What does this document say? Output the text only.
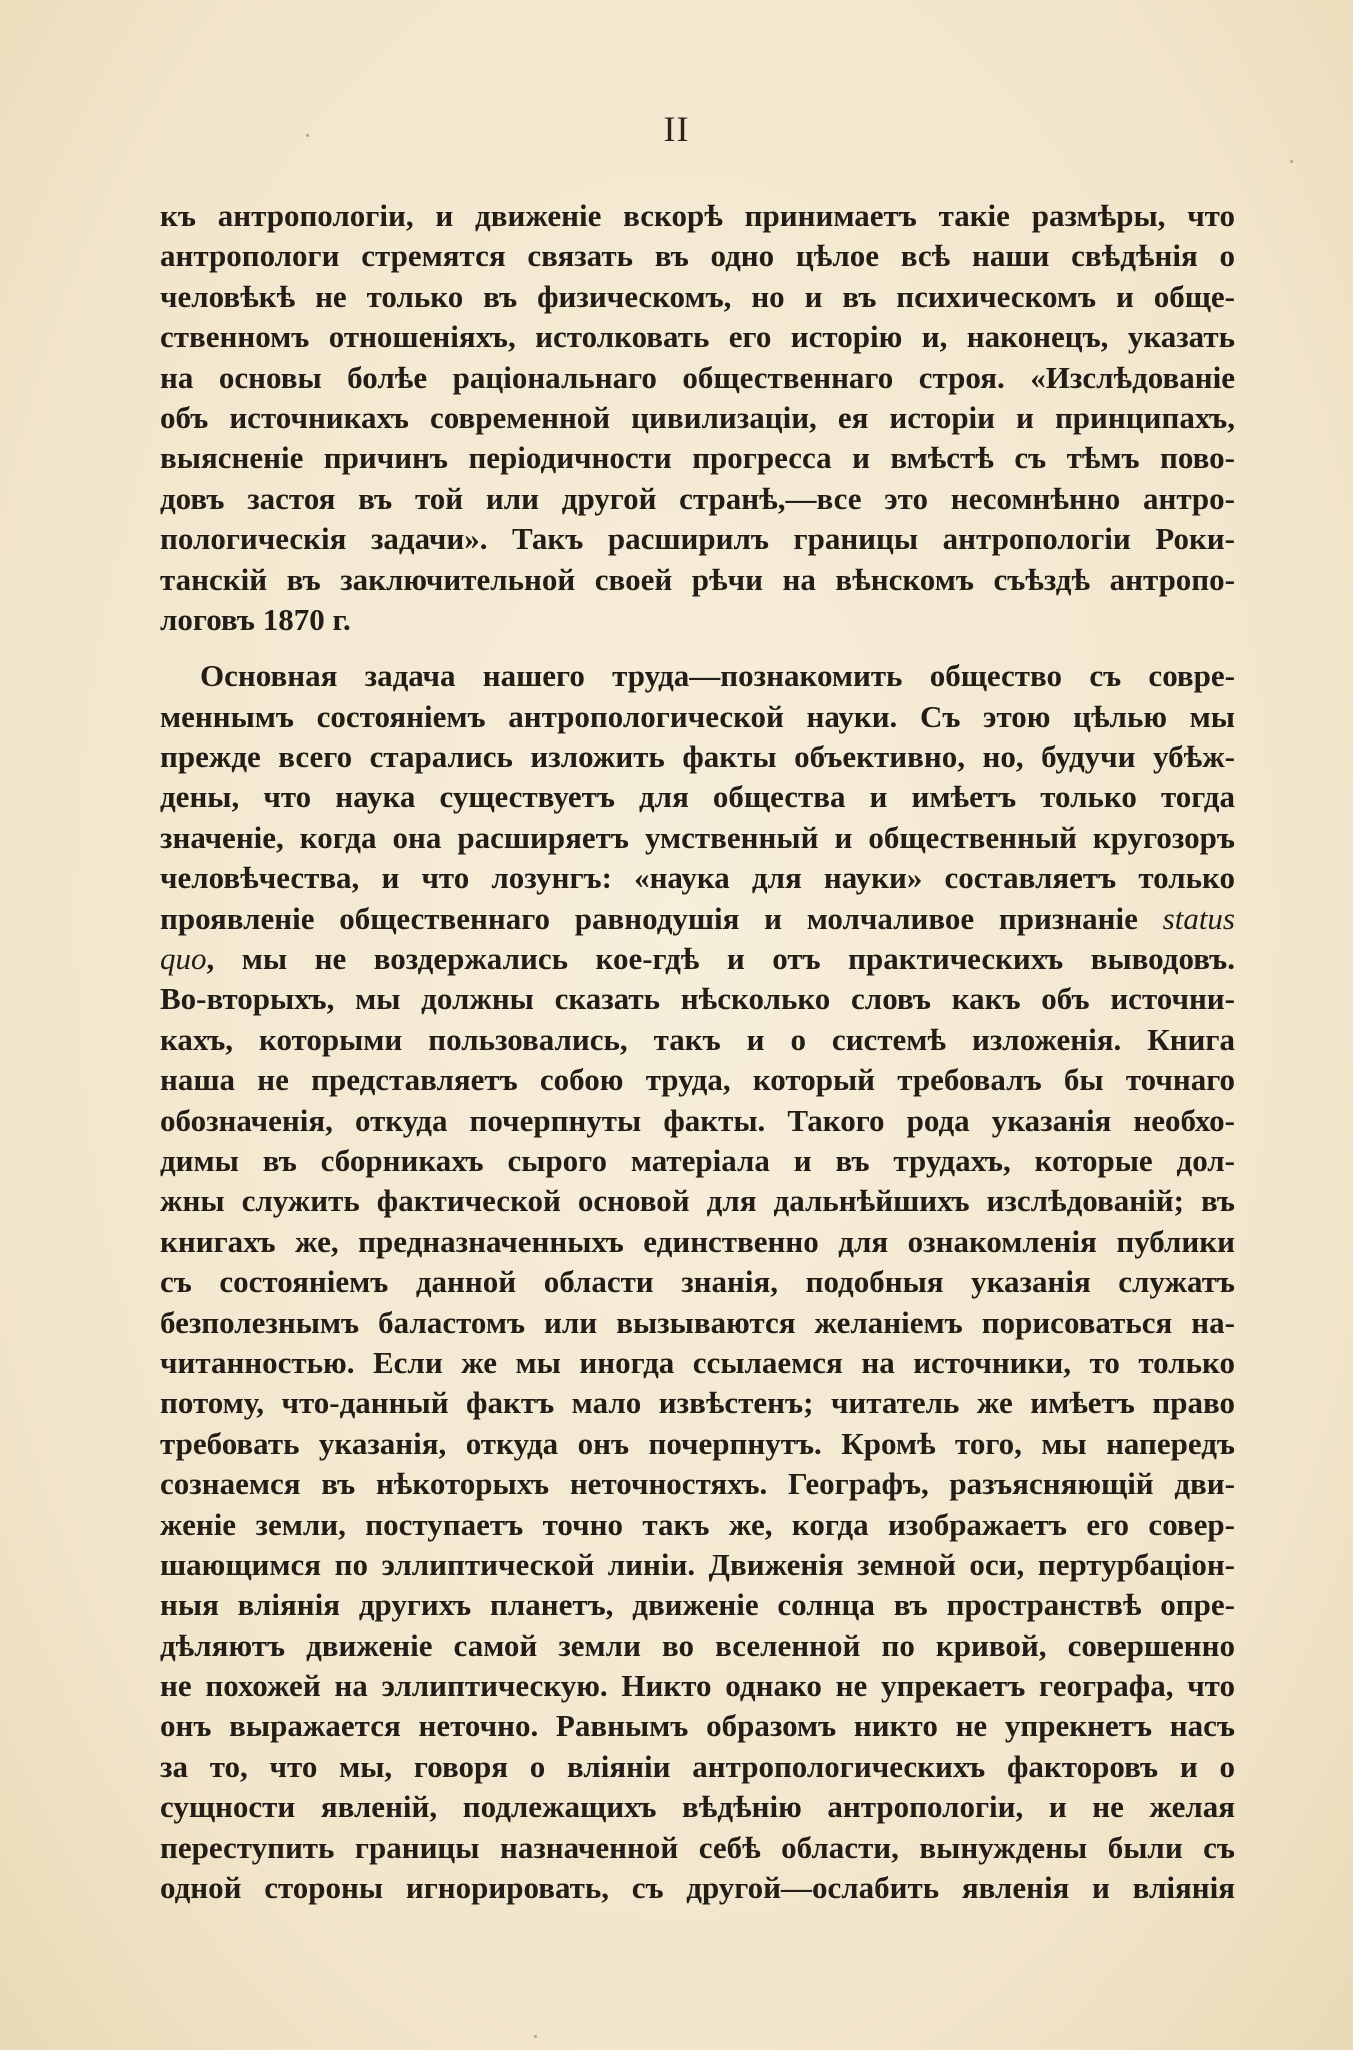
II
къ антропологіи, и движеніе вскорѣ принимаетъ такіе размѣры, что
антропологи стремятся связать въ одно цѣлое всѣ наши свѣдѣнія о
человѣкѣ не только въ физическомъ, но и въ психическомъ и обще-
ственномъ отношеніяхъ, истолковать его исторію и, наконецъ, указать
на основы болѣе раціональнаго общественнаго строя. «Изслѣдованіе
объ источникахъ современной цивилизаціи, ея исторіи и принципахъ,
выясненіе причинъ періодичности прогресса и вмѣстѣ съ тѣмъ пово-
довъ застоя въ той или другой странѣ,—все это несомнѣнно антро-
пологическія задачи». Такъ расширилъ границы антропологіи Роки-
танскій въ заключительной своей рѣчи на вѣнскомъ съѣздѣ антропо-
логовъ 1870 г.
Основная задача нашего труда—познакомить общество съ совре-
меннымъ состояніемъ антропологической науки. Съ этою цѣлью мы
прежде всего старались изложить факты объективно, но, будучи убѣж-
дены, что наука существуетъ для общества и имѣетъ только тогда
значеніе, когда она расширяетъ умственный и общественный кругозоръ
человѣчества, и что лозунгъ: «наука для науки» составляетъ только
проявленіе общественнаго равнодушія и молчаливое признаніе status
quo, мы не воздержались кое-гдѣ и отъ практическихъ выводовъ.
Во-вторыхъ, мы должны сказать нѣсколько словъ какъ объ источни-
кахъ, которыми пользовались, такъ и о системѣ изложенія. Книга
наша не представляетъ собою труда, который требовалъ бы точнаго
обозначенія, откуда почерпнуты факты. Такого рода указанія необхо-
димы въ сборникахъ сырого матеріала и въ трудахъ, которые дол-
жны служить фактической основой для дальнѣйшихъ изслѣдованій; въ
книгахъ же, предназначенныхъ единственно для ознакомленія публики
съ состояніемъ данной области знанія, подобныя указанія служатъ
безполезнымъ баластомъ или вызываются желаніемъ порисоваться на-
читанностью. Если же мы иногда ссылаемся на источники, то только
потому, что-данный фактъ мало извѣстенъ; читатель же имѣетъ право
требовать указанія, откуда онъ почерпнутъ. Кромѣ того, мы напередъ
сознаемся въ нѣкоторыхъ неточностяхъ. Географъ, разъясняющій дви-
женіе земли, поступаетъ точно такъ же, когда изображаетъ его совер-
шающимся по эллиптической линіи. Движенія земной оси, пертурбаціон-
ныя вліянія другихъ планетъ, движеніе солнца въ пространствѣ опре-
дѣляютъ движеніе самой земли во вселенной по кривой, совершенно
не похожей на эллиптическую. Никто однако не упрекаетъ географа, что
онъ выражается неточно. Равнымъ образомъ никто не упрекнетъ насъ
за то, что мы, говоря о вліяніи антропологическихъ факторовъ и о
сущности явленій, подлежащихъ вѣдѣнію антропологіи, и не желая
переступить границы назначенной себѣ области, вынуждены были съ
одной стороны игнорировать, съ другой—ослабить явленія и вліянія
